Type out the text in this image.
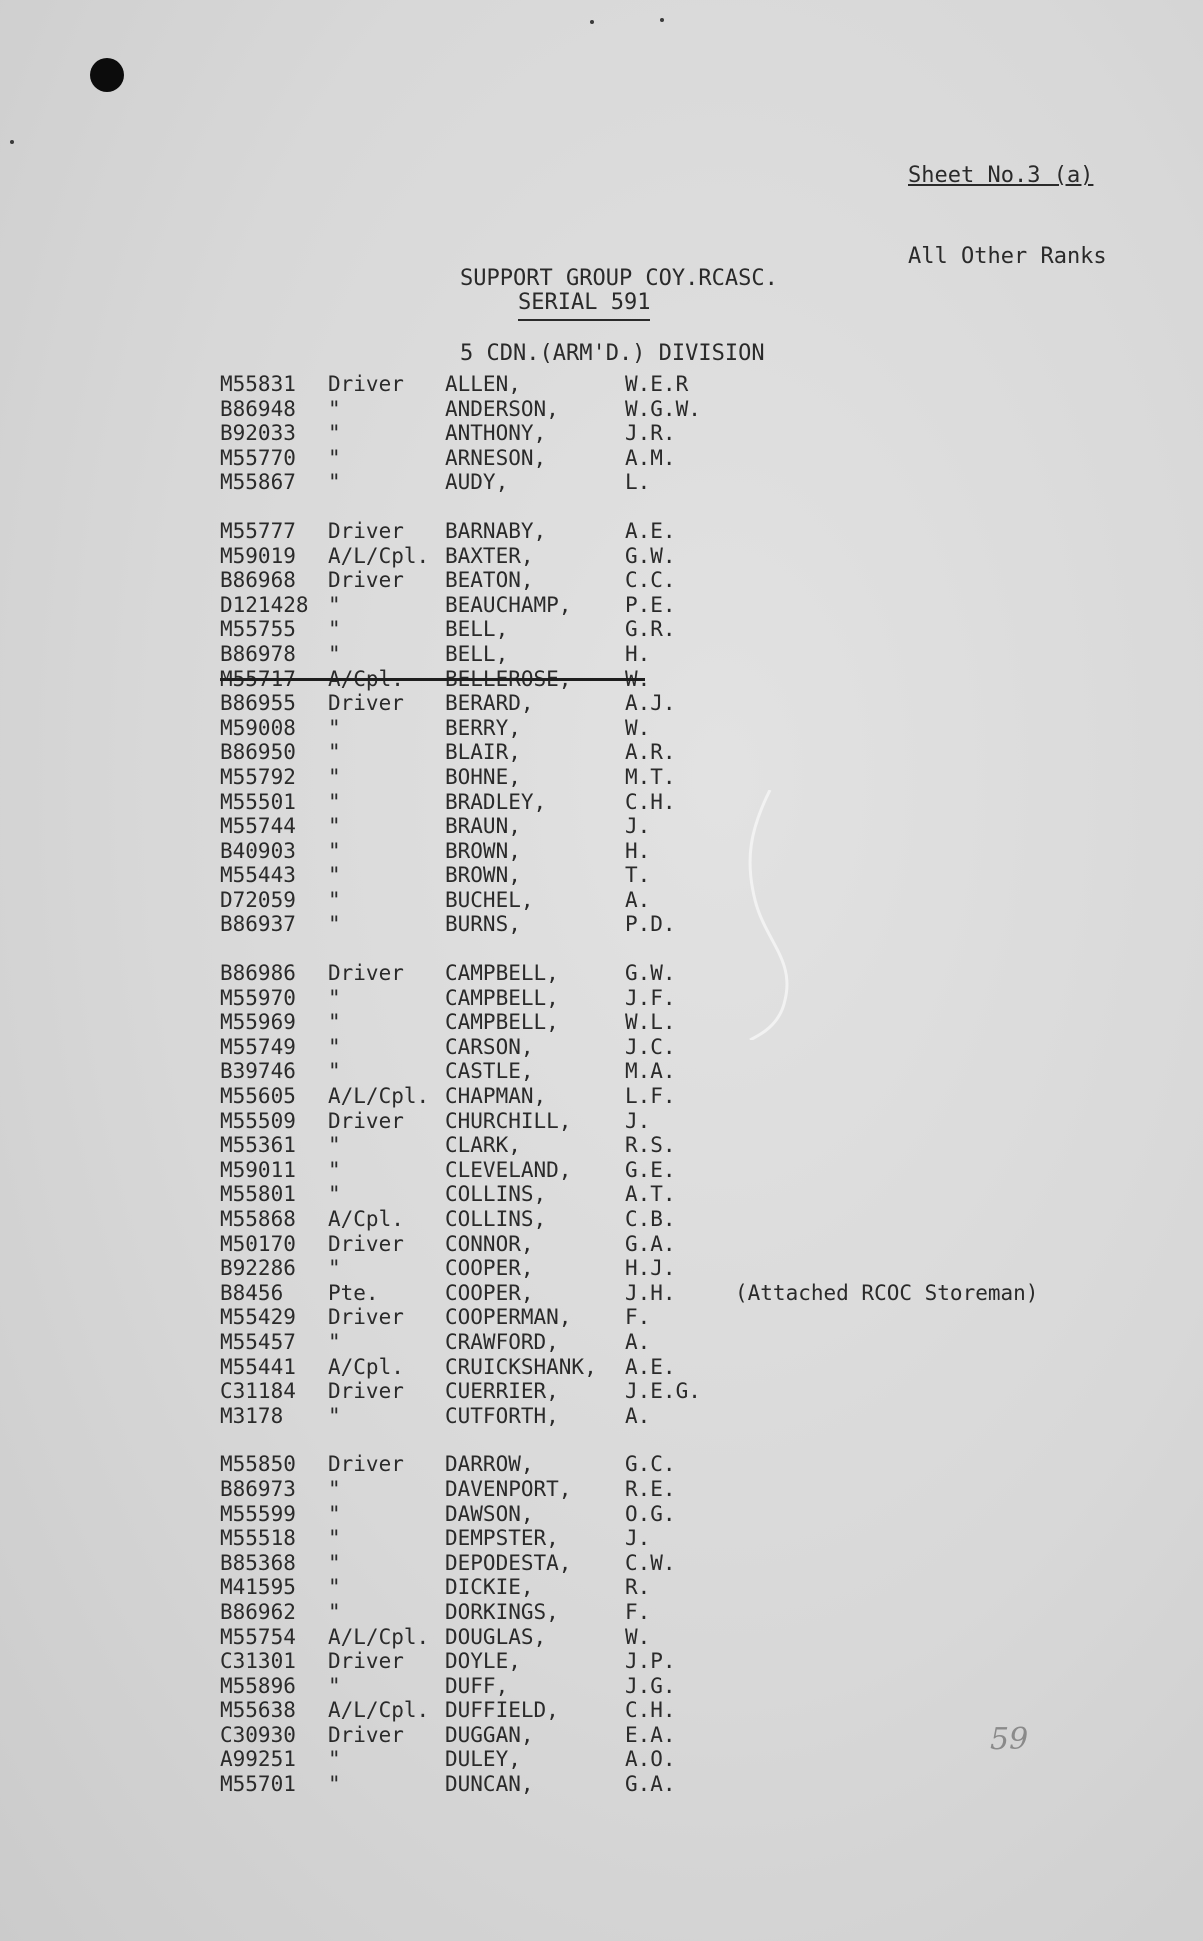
Sheet No.3 (a)

All Other Ranks

SUPPORT GROUP COY.RCASC.

5 CDN.(ARM'D.) DIVISION

SERIAL 591
M55831	Driver	ALLEN,	W.E.R
B86948	"	ANDERSON,	W.G.W.
B92033	"	ANTHONY,	J.R.
M55770	"	ARNESON,	A.M.
M55867	"	AUDY,	L.
M55777	Driver	BARNABY,	A.E.
M59019	A/L/Cpl. BAXTER,	G.W.
B86968	Driver	BEATON,	C.C.
D121428 "	BEAUCHAMP,	P.E.
M55755	"	BELL,	G.R.
B86978	"	BELL,	H.
M55717	A/Cpl.	BELLEROSE,	W.
B86955	Driver	BERARD,	A.J.
M59008	"	BERRY,	W.
B86950	"	BLAIR,	A.R.
M55792	"	BOHNE,	M.T.
M55501	"	BRADLEY,	C.H.
M55744	"	BRAUN,	J.
B40903	"	BROWN,	H.
M55443	"	BROWN,	T.
D72059	"	BUCHEL,	A.
B86937	"	BURNS,	P.D.
B86986	Driver	CAMPBELL,	G.W.
M55970	"	CAMPBELL,	J.F.
M55969	"	CAMPBELL,	W.L.
M55749	"	CARSON,	J.C.
B39746	"	CASTLE,	M.A.
M55605	A/L/Cpl. CHAPMAN,	L.F.
M55509	Driver	CHURCHILL,	J.
M55361	"	CLARK,	R.S.
M59011	"	CLEVELAND,	G.E.
M55801	"	COLLINS,	A.T.
M55868	A/Cpl.	COLLINS,	C.B.
M50170	Driver	CONNOR,	G.A.
B92286	"	COOPER,	H.J.
B8456	Pte.	COOPER,	J.H.	(Attached RCOC Storeman)
M55429	Driver	COOPERMAN,	F.
M55457	"	CRAWFORD,	A.
M55441	A/Cpl.	CRUICKSHANK,	A.E.
C31184	Driver	CUERRIER,	J.E.G.
M3178	"	CUTFORTH,	A.
M55850	Driver	DARROW,	G.C.
B86973	"	DAVENPORT,	R.E.
M55599	"	DAWSON,	O.G.
M55518	"	DEMPSTER,	J.
B85368	"	DEPODESTA,	C.W.
M41595	"	DICKIE,	R.
B86962	"	DORKINGS,	F.
M55754	A/L/Cpl. DOUGLAS,	W.
C31301	Driver	DOYLE,	J.P.
M55896	"	DUFF,	J.G.
M55638	A/L/Cpl. DUFFIELD,	C.H.
C30930	Driver	DUGGAN,	E.A.
A99251	"	DULEY,	A.O.
M55701	"	DUNCAN,	G.A.
59
